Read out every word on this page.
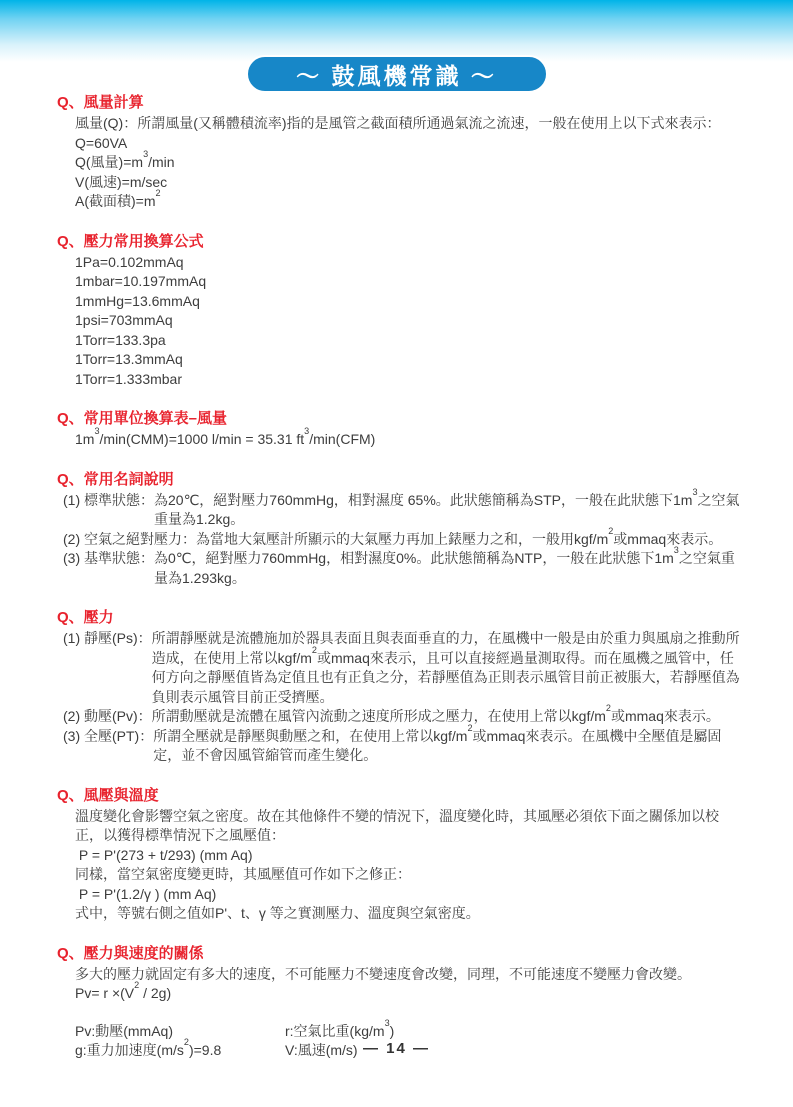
～ 鼓風機常識 ～
Q、風量計算
風量(Q)：所謂風量(又稱體積流率)指的是風管之截面積所通過氣流之流速，一般在使用上以下式來表示：
Q=60VA
Q(風量)$=m^3/\min$
V(風速)=m/sec
A(截面積)$=m^2$
Q、壓力常用換算公式
1Pa=0.102mmAq
1mbar=10.197mmAq
1mmHg=13.6mmAq
1psi=703mmAq
1Torr=133.3pa
1Torr=13.3mmAq
1Torr=1.333mbar
Q、常用單位換算表–風量
$1m^3/\min(CMM)=1000$ l/min = 35.31 $ft^3/\min(CFM)$
Q、常用名詞說明
(1) 標準狀態： 為20℃，絕對壓力760mmHg，相對濕度 65%。此狀態簡稱為STP，一般在此狀態下$1m^3$之空氣重量為1.2kg。
(2) 空氣之絕對壓力： 為當地大氣壓計所顯示的大氣壓力再加上錶壓力之和，一般用kgf/$m^2$或mmaq來表示。
(3) 基準狀態： 為0℃，絕對壓力760mmHg，相對濕度0%。此狀態簡稱為NTP，一般在此狀態下$1m^3$之空氣重量為1.293kg。
Q、壓力
(1) 靜壓(Ps)： 所謂靜壓就是流體施加於器具表面且與表面垂直的力，在風機中一般是由於重力與風扇之推動所造成，在使用上常以kgf/$m^2$或mmaq來表示，且可以直接經過量測取得。而在風機之風管中，任何方向之靜壓值皆為定值且也有正負之分，若靜壓值為正則表示風管目前正被脹大，若靜壓值為負則表示風管目前正受擠壓。
(2) 動壓(Pv)： 所謂動壓就是流體在風管內流動之速度所形成之壓力，在使用上常以kgf/$m^2$或mmaq來表示。
(3) 全壓(PT)： 所謂全壓就是靜壓與動壓之和，在使用上常以kgf/$m^2$或mmaq來表示。在風機中全壓值是屬固定，並不會因風管縮管而產生變化。
Q、風壓與溫度
溫度變化會影響空氣之密度。故在其他條件不變的情況下，溫度變化時，其風壓必須依下面之關係加以校正，以獲得標準情況下之風壓值：
P = P'(273 + t/293) (mm Aq)
同樣，當空氣密度變更時，其風壓值可作如下之修正：
P = P'(1.2/γ ) (mm Aq)
式中，等號右側之值如P'、t、γ 等之實測壓力、溫度與空氣密度。
Q、壓力與速度的關係
多大的壓力就固定有多大的速度，不可能壓力不變速度會改變，同理，不可能速度不變壓力會改變。
$Pv= r \times(V^2 / 2g)$
Pv:動壓(mmAq)	r:空氣比重$(kg/m^3)$
g:重力加速度$(m/s^2)=9.8$	V:風速(m/s) — 14 —
